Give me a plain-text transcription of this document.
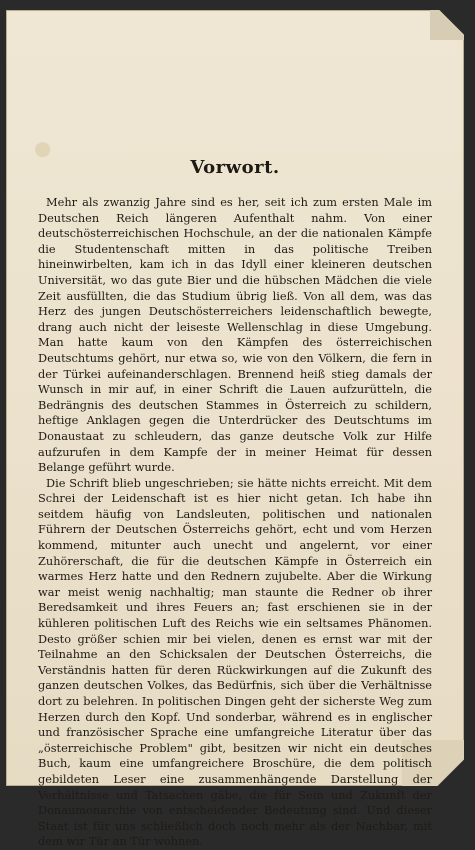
Vorwort.

Mehr als zwanzig Jahre sind es her, seit ich zum ersten Male im Deutschen Reich längeren Aufenthalt nahm. Von einer deutschösterreichischen Hochschule, an der die nationalen Kämpfe die Studentenschaft mitten in das politische Treiben hineinwirbelten, kam ich in das Idyll einer kleineren deutschen Universität, wo das gute Bier und die hübschen Mädchen die viele Zeit ausfüllten, die das Studium übrig ließ. Von all dem, was das Herz des jungen Deutschösterreichers leidenschaftlich bewegte, drang auch nicht der leiseste Wellenschlag in diese Umgebung. Man hatte kaum von den Kämpfen des österreichischen Deutschtums gehört, nur etwa so, wie von den Völkern, die fern in der Türkei aufeinanderschlagen. Brennend heiß stieg damals der Wunsch in mir auf, in einer Schrift die Lauen aufzurütteln, die Bedrängnis des deutschen Stammes in Österreich zu schildern, heftige Anklagen gegen die Unterdrücker des Deutschtums im Donaustaat zu schleudern, das ganze deutsche Volk zur Hilfe aufzurufen in dem Kampfe der in meiner Heimat für dessen Belange geführt wurde.

Die Schrift blieb ungeschrieben; sie hätte nichts erreicht. Mit dem Schrei der Leidenschaft ist es hier nicht getan. Ich habe ihn seitdem häufig von Landsleuten, politischen und nationalen Führern der Deutschen Österreichs gehört, echt und vom Herzen kommend, mitunter auch unecht und angelernt, vor einer Zuhörerschaft, die für die deutschen Kämpfe in Österreich ein warmes Herz hatte und den Rednern zujubelte. Aber die Wirkung war meist wenig nachhaltig; man staunte die Redner ob ihrer Beredsamkeit und ihres Feuers an; fast erschienen sie in der kühleren politischen Luft des Reichs wie ein seltsames Phänomen. Desto größer schien mir bei vielen, denen es ernst war mit der Teilnahme an den Schicksalen der Deutschen Österreichs, die Verständnis hatten für deren Rückwirkungen auf die Zukunft des ganzen deutschen Volkes, das Bedürfnis, sich über die Verhältnisse dort zu belehren. In politischen Dingen geht der sicherste Weg zum Herzen durch den Kopf. Und sonderbar, während es in englischer und französischer Sprache eine umfangreiche Literatur über das „österreichische Problem" gibt, besitzen wir nicht ein deutsches Buch, kaum eine umfangreichere Broschüre, die dem politisch gebildeten Leser eine zusammenhängende Darstellung der Verhältnisse und Tatsachen gäbe, die für Sein und Zukunft der Donaumonarchie von entscheidender Bedeutung sind. Und dieser Staat ist für uns schließlich doch noch mehr als der Nachbar, mit dem wir Tür an Tür wohnen.
